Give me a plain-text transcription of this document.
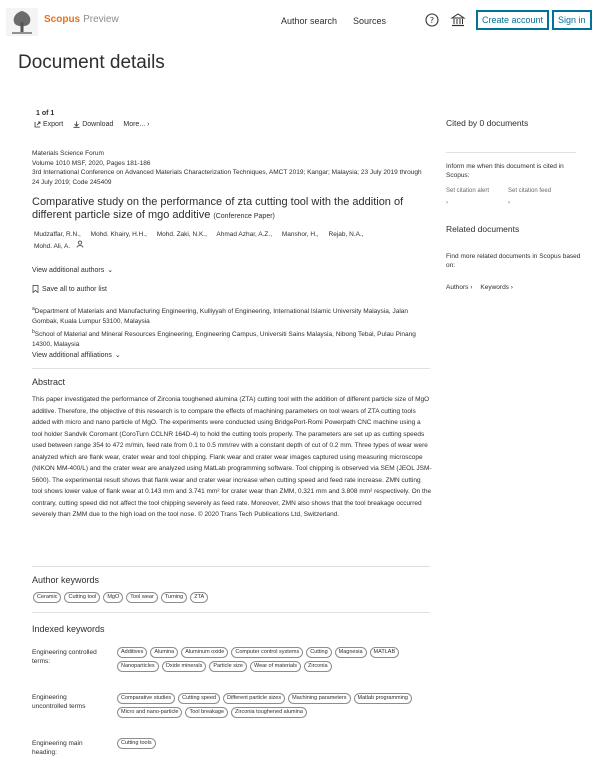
Scopus Preview	Author search Sources	?	Create account	Sign in
Document details
1 of 1
Export	Download More... ›
Materials Science Forum
Volume 1010 MSF, 2020, Pages 181-186
3rd International Conference on Advanced Materials Characterization Techniques, AMCT 2019; Kangar; Malaysia; 23 July 2019 through 24 July 2019; Code 245409
Comparative study on the performance of zta cutting tool with the addition of different particle size of mgo additive (Conference Paper)
Mudzaffar, R.N., Mohd. Khairy, H.H., Mohd. Zaki, N.K., Ahmad Azhar, A.Z., Manshor, H., Rejab, N.A.,
Mohd. Ali, A.
View additional authors ⌄
Save all to author list
$^a$Department of Materials and Manufacturing Engineering, Kulliyyah of Engineering, International Islamic University Malaysia, Jalan Gombak, Kuala Lumpur 53100, Malaysia
$^b$School of Material and Mineral Resources Engineering, Engineering Campus, Universiti Sains Malaysia, Nibong Tebal, Pulau Pinang 14300, Malaysia
View additional affiliations ⌄
Abstract
This paper investigated the performance of Zirconia toughened alumina (ZTA) cutting tool with the addition of different particle size of MgO additive. Therefore, the objective of this research is to compare the effects of machining parameters on tool wears of ZTA cutting tools added with micro and nano particle of MgO. The experiments were conducted using BridgePort-Romi Powerpath CNC machine using a tool holder Sandvik Coromant (CoroTurn CCLNR 164D-4) to hold the cutting tools properly. The parameters are set up as cutting speeds used between range 354 to 472 m/min, feed rate from 0.1 to 0.5 mm/rev with a constant depth of cut of 0.2 mm. Three types of wear were analyzed which are flank wear, crater wear and tool chipping. Flank wear and crater wear images captured using measuring microscope (NIKON MM-400/L) and the crater wear are analyzed using MatLab programming software. Tool chipping is observed via SEM (JEOL JSM-5600). The experimental result shows that flank wear and crater wear increase when cutting speed and feed rate increase. ZMN cutting tool shows lower value of flank wear at 0.143 mm and 3.741 mm² for crater wear than ZMM, 0.321 mm and 3.808 mm² respectively. On the contrary, cutting speed did not affect the tool chipping severely as feed rate. Moreover, ZMN also shows that the tool breakage occurred severely than ZMM due to the high load on the tool nose. © 2020 Trans Tech Publications Ltd, Switzerland.
Author keywords
Ceramic	Cutting tool	MgO	Tool wear	Turning	ZTA
Indexed keywords
Engineering controlled terms:
Additives	Alumina	Aluminum oxide	Computer control systems	Cutting	Magnesia	MATLAB
Nanoparticles	Oxide minerals	Particle size	Wear of materials	Zirconia
Engineering uncontrolled terms
Comparative studies	Cutting speed	Different particle sizes	Machining parameters	Matlab programming
Micro and nano-particle	Tool breakage	Zirconia toughened alumina
Engineering main heading:
Cutting tools
Cited by 0 documents
Inform me when this document is cited in Scopus:
Set citation alert ›
Set citation feed ›
Related documents
Find more related documents in Scopus based on:
Authors › Keywords ›
